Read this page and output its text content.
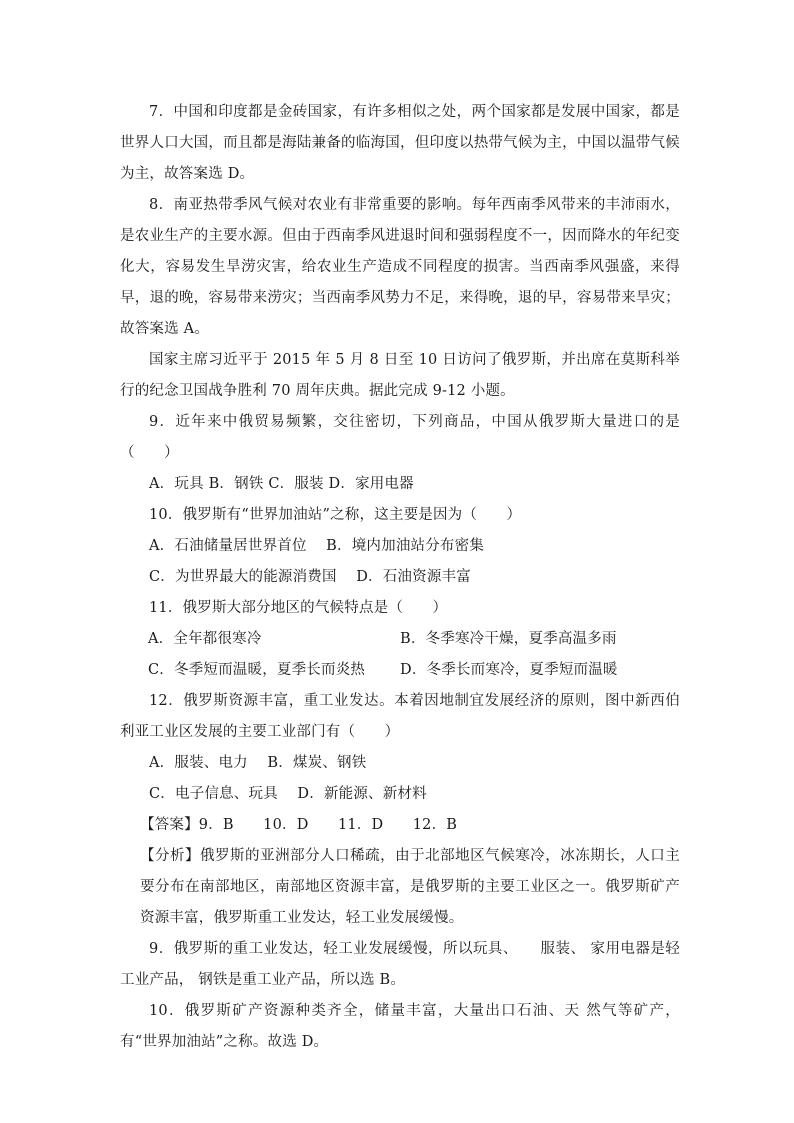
7．中国和印度都是金砖国家，有许多相似之处，两个国家都是发展中国家，都是世界人口大国，而且都是海陆兼备的临海国，但印度以热带气候为主，中国以温带气候为主，故答案选 D。

8．南亚热带季风气候对农业有非常重要的影响。每年西南季风带来的丰沛雨水，是农业生产的主要水源。但由于西南季风进退时间和强弱程度不一，因而降水的年纪变化大，容易发生旱涝灾害，给农业生产造成不同程度的损害。当西南季风强盛，来得早，退的晚，容易带来涝灾；当西南季风势力不足，来得晚，退的早，容易带来旱灾；故答案选 A。

国家主席习近平于 2015 年 5 月 8 日至 10 日访问了俄罗斯，并出席在莫斯科举行的纪念卫国战争胜利 70 周年庆典。据此完成 9-12 小题。

9．近年来中俄贸易频繁，交往密切，下列商品，中国从俄罗斯大量进口的是（　　）

A．玩具 B．钢铁 C．服装 D．家用电器

10．俄罗斯有“世界加油站”之称，这主要是因为（　　）

A．石油储量居世界首位　 B．境内加油站分布密集

C．为世界最大的能源消费国　 D．石油资源丰富

11．俄罗斯大部分地区的气候特点是（　　）

A．全年都很寒冷	B．冬季寒冷干燥，夏季高温多雨
C．冬季短而温暖，夏季长而炎热 D．冬季长而寒冷，夏季短而温暖

12．俄罗斯资源丰富，重工业发达。本着因地制宜发展经济的原则，图中新西伯利亚工业区发展的主要工业部门有（　　）

A．服装、电力　 B．煤炭、钢铁

C．电子信息、玩具　 D．新能源、新材料

【答案】9．B　　10．D　　11．D　　12．B

【分析】俄罗斯的亚洲部分人口稀疏，由于北部地区气候寒冷，冰冻期长，人口主要分布在南部地区，南部地区资源丰富，是俄罗斯的主要工业区之一。俄罗斯矿产资源丰富，俄罗斯重工业发达，轻工业发展缓慢。

9．俄罗斯的重工业发达，轻工业发展缓慢，所以玩具、　　服装、 家用电器是轻工业产品， 钢铁是重工业产品，所以选 B。

10．俄罗斯矿产资源种类齐全，储量丰富，大量出口石油、天 然气等矿产，有“世界加油站”之称。故选 D。
